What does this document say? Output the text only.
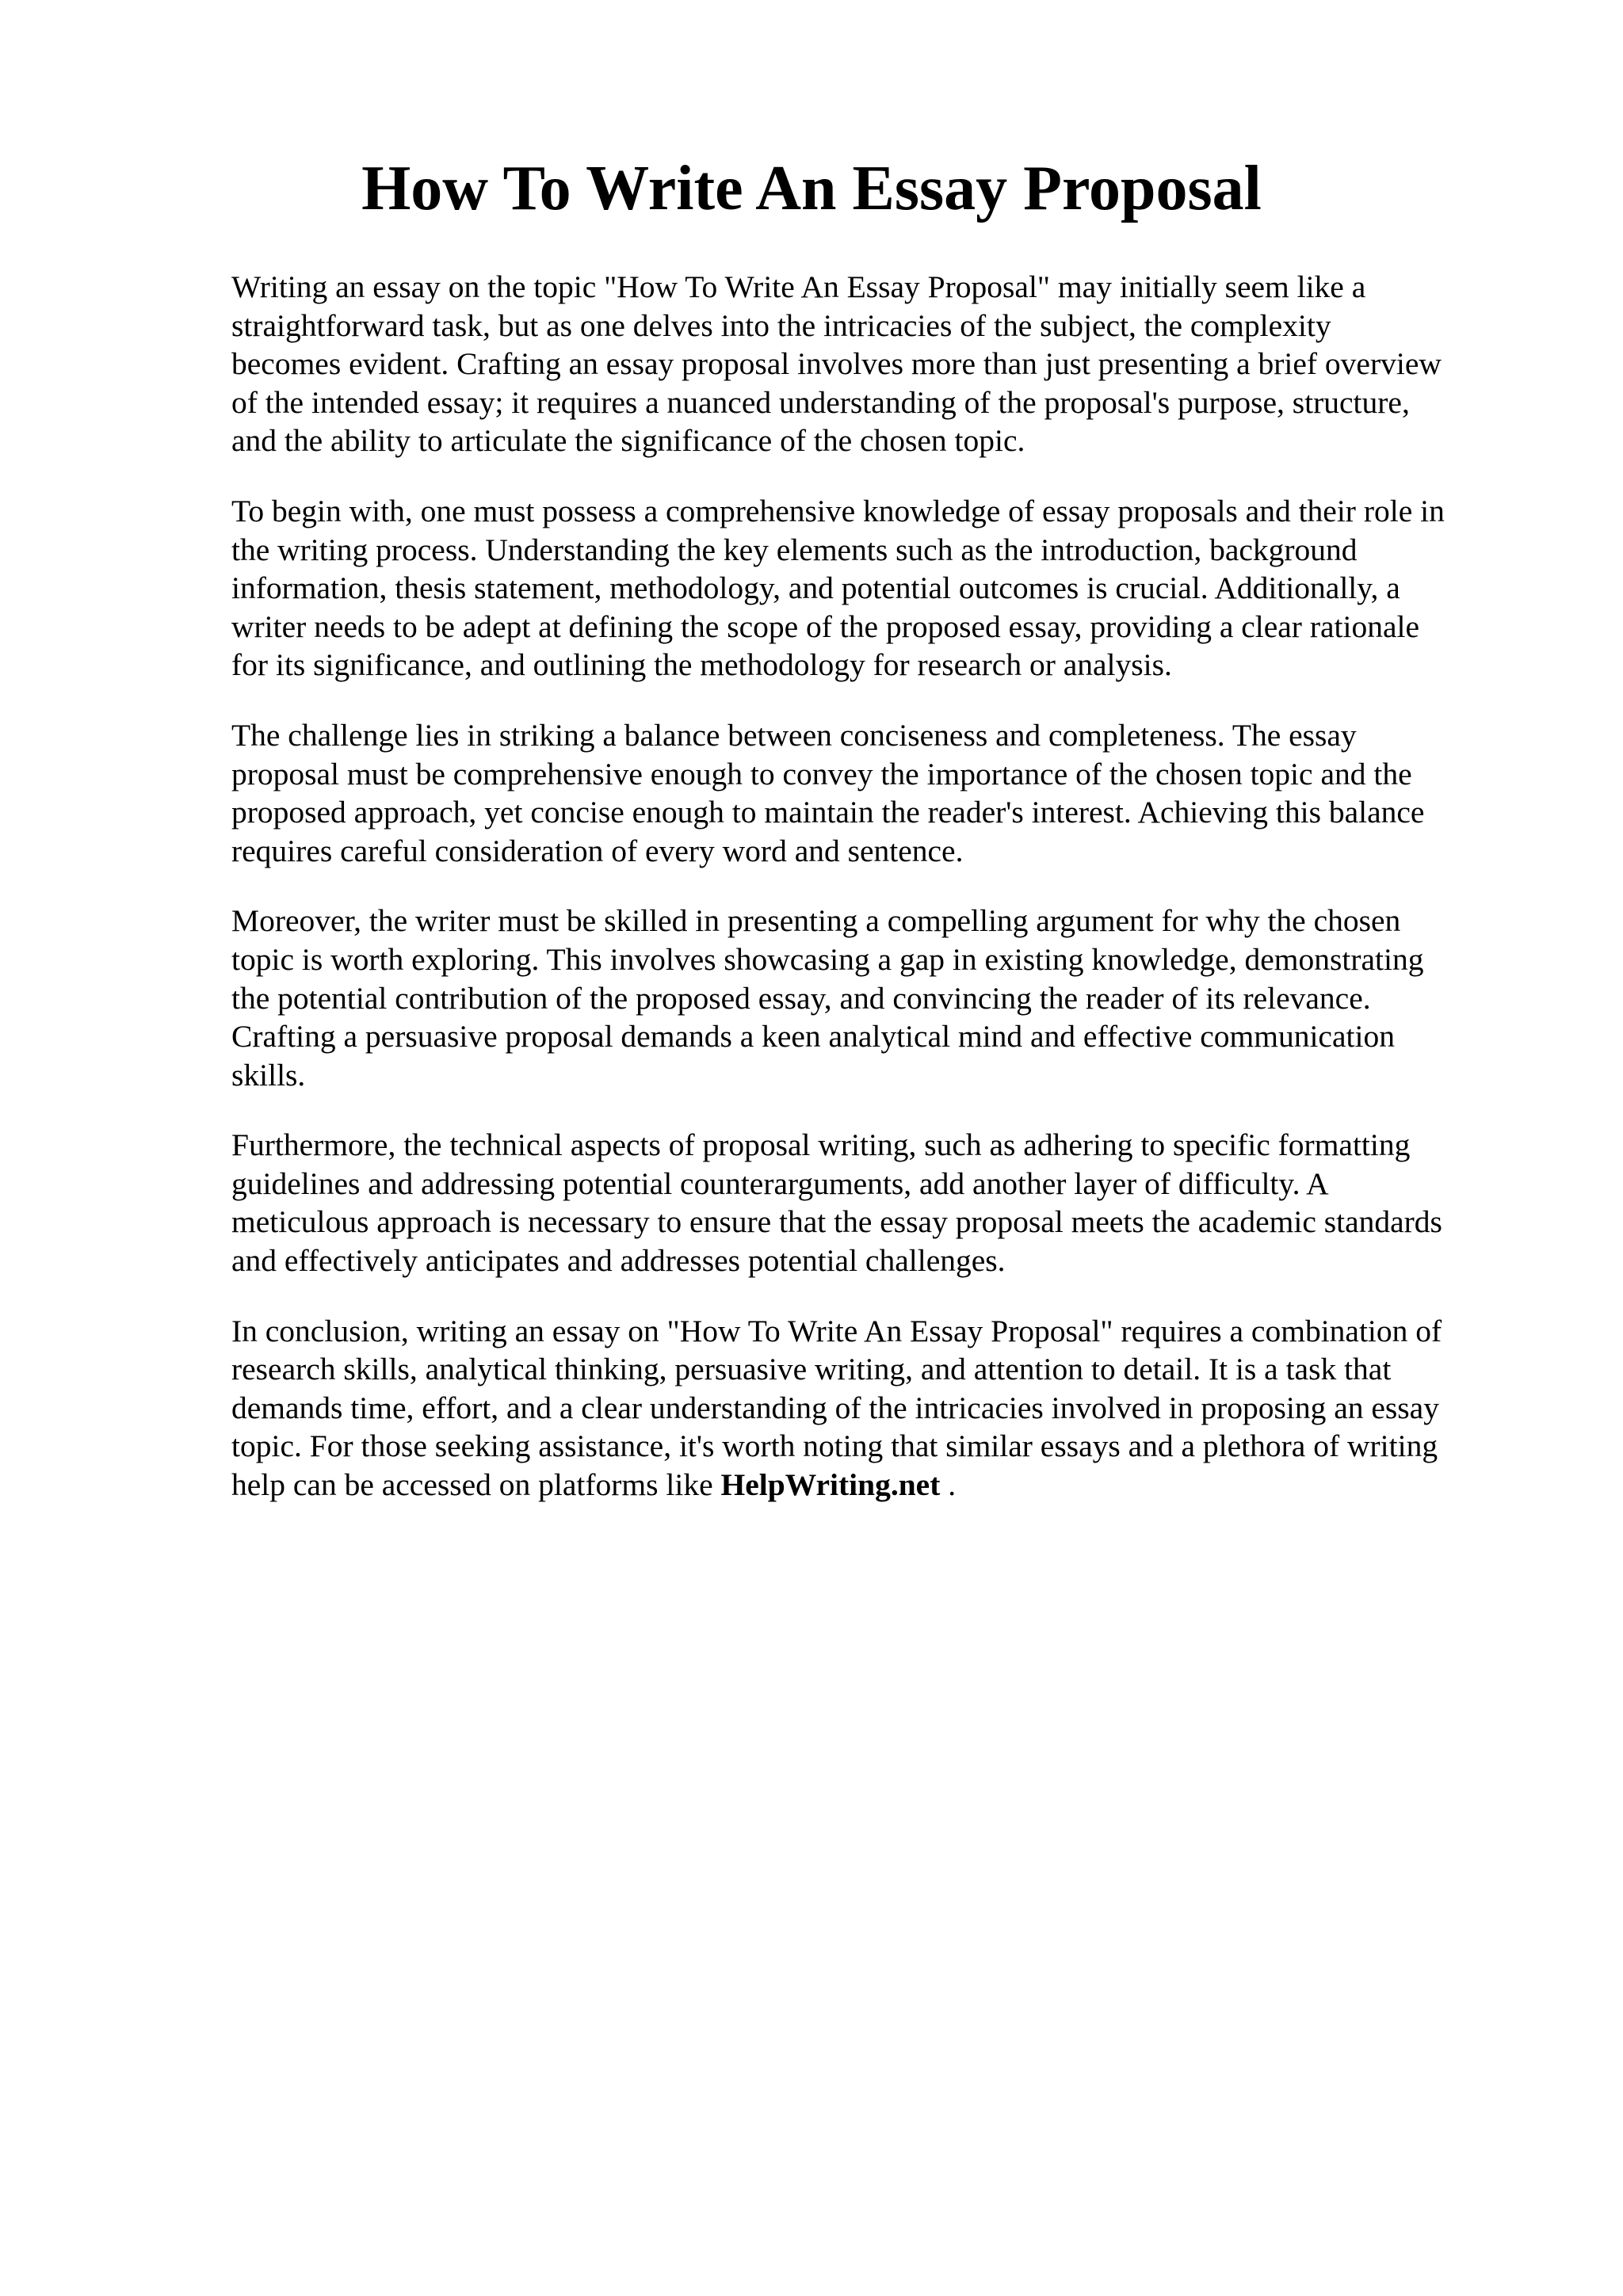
How To Write An Essay Proposal

Writing an essay on the topic "How To Write An Essay Proposal" may initially seem like a
straightforward task, but as one delves into the intricacies of the subject, the complexity
becomes evident. Crafting an essay proposal involves more than just presenting a brief overview
of the intended essay; it requires a nuanced understanding of the proposal's purpose, structure,
and the ability to articulate the significance of the chosen topic.

To begin with, one must possess a comprehensive knowledge of essay proposals and their role in
the writing process. Understanding the key elements such as the introduction, background
information, thesis statement, methodology, and potential outcomes is crucial. Additionally, a
writer needs to be adept at defining the scope of the proposed essay, providing a clear rationale
for its significance, and outlining the methodology for research or analysis.

The challenge lies in striking a balance between conciseness and completeness. The essay
proposal must be comprehensive enough to convey the importance of the chosen topic and the
proposed approach, yet concise enough to maintain the reader's interest. Achieving this balance
requires careful consideration of every word and sentence.

Moreover, the writer must be skilled in presenting a compelling argument for why the chosen
topic is worth exploring. This involves showcasing a gap in existing knowledge, demonstrating
the potential contribution of the proposed essay, and convincing the reader of its relevance.
Crafting a persuasive proposal demands a keen analytical mind and effective communication
skills.

Furthermore, the technical aspects of proposal writing, such as adhering to specific formatting
guidelines and addressing potential counterarguments, add another layer of difficulty. A
meticulous approach is necessary to ensure that the essay proposal meets the academic standards
and effectively anticipates and addresses potential challenges.

In conclusion, writing an essay on "How To Write An Essay Proposal" requires a combination of
research skills, analytical thinking, persuasive writing, and attention to detail. It is a task that
demands time, effort, and a clear understanding of the intricacies involved in proposing an essay
topic. For those seeking assistance, it's worth noting that similar essays and a plethora of writing
help can be accessed on platforms like HelpWriting.net .
